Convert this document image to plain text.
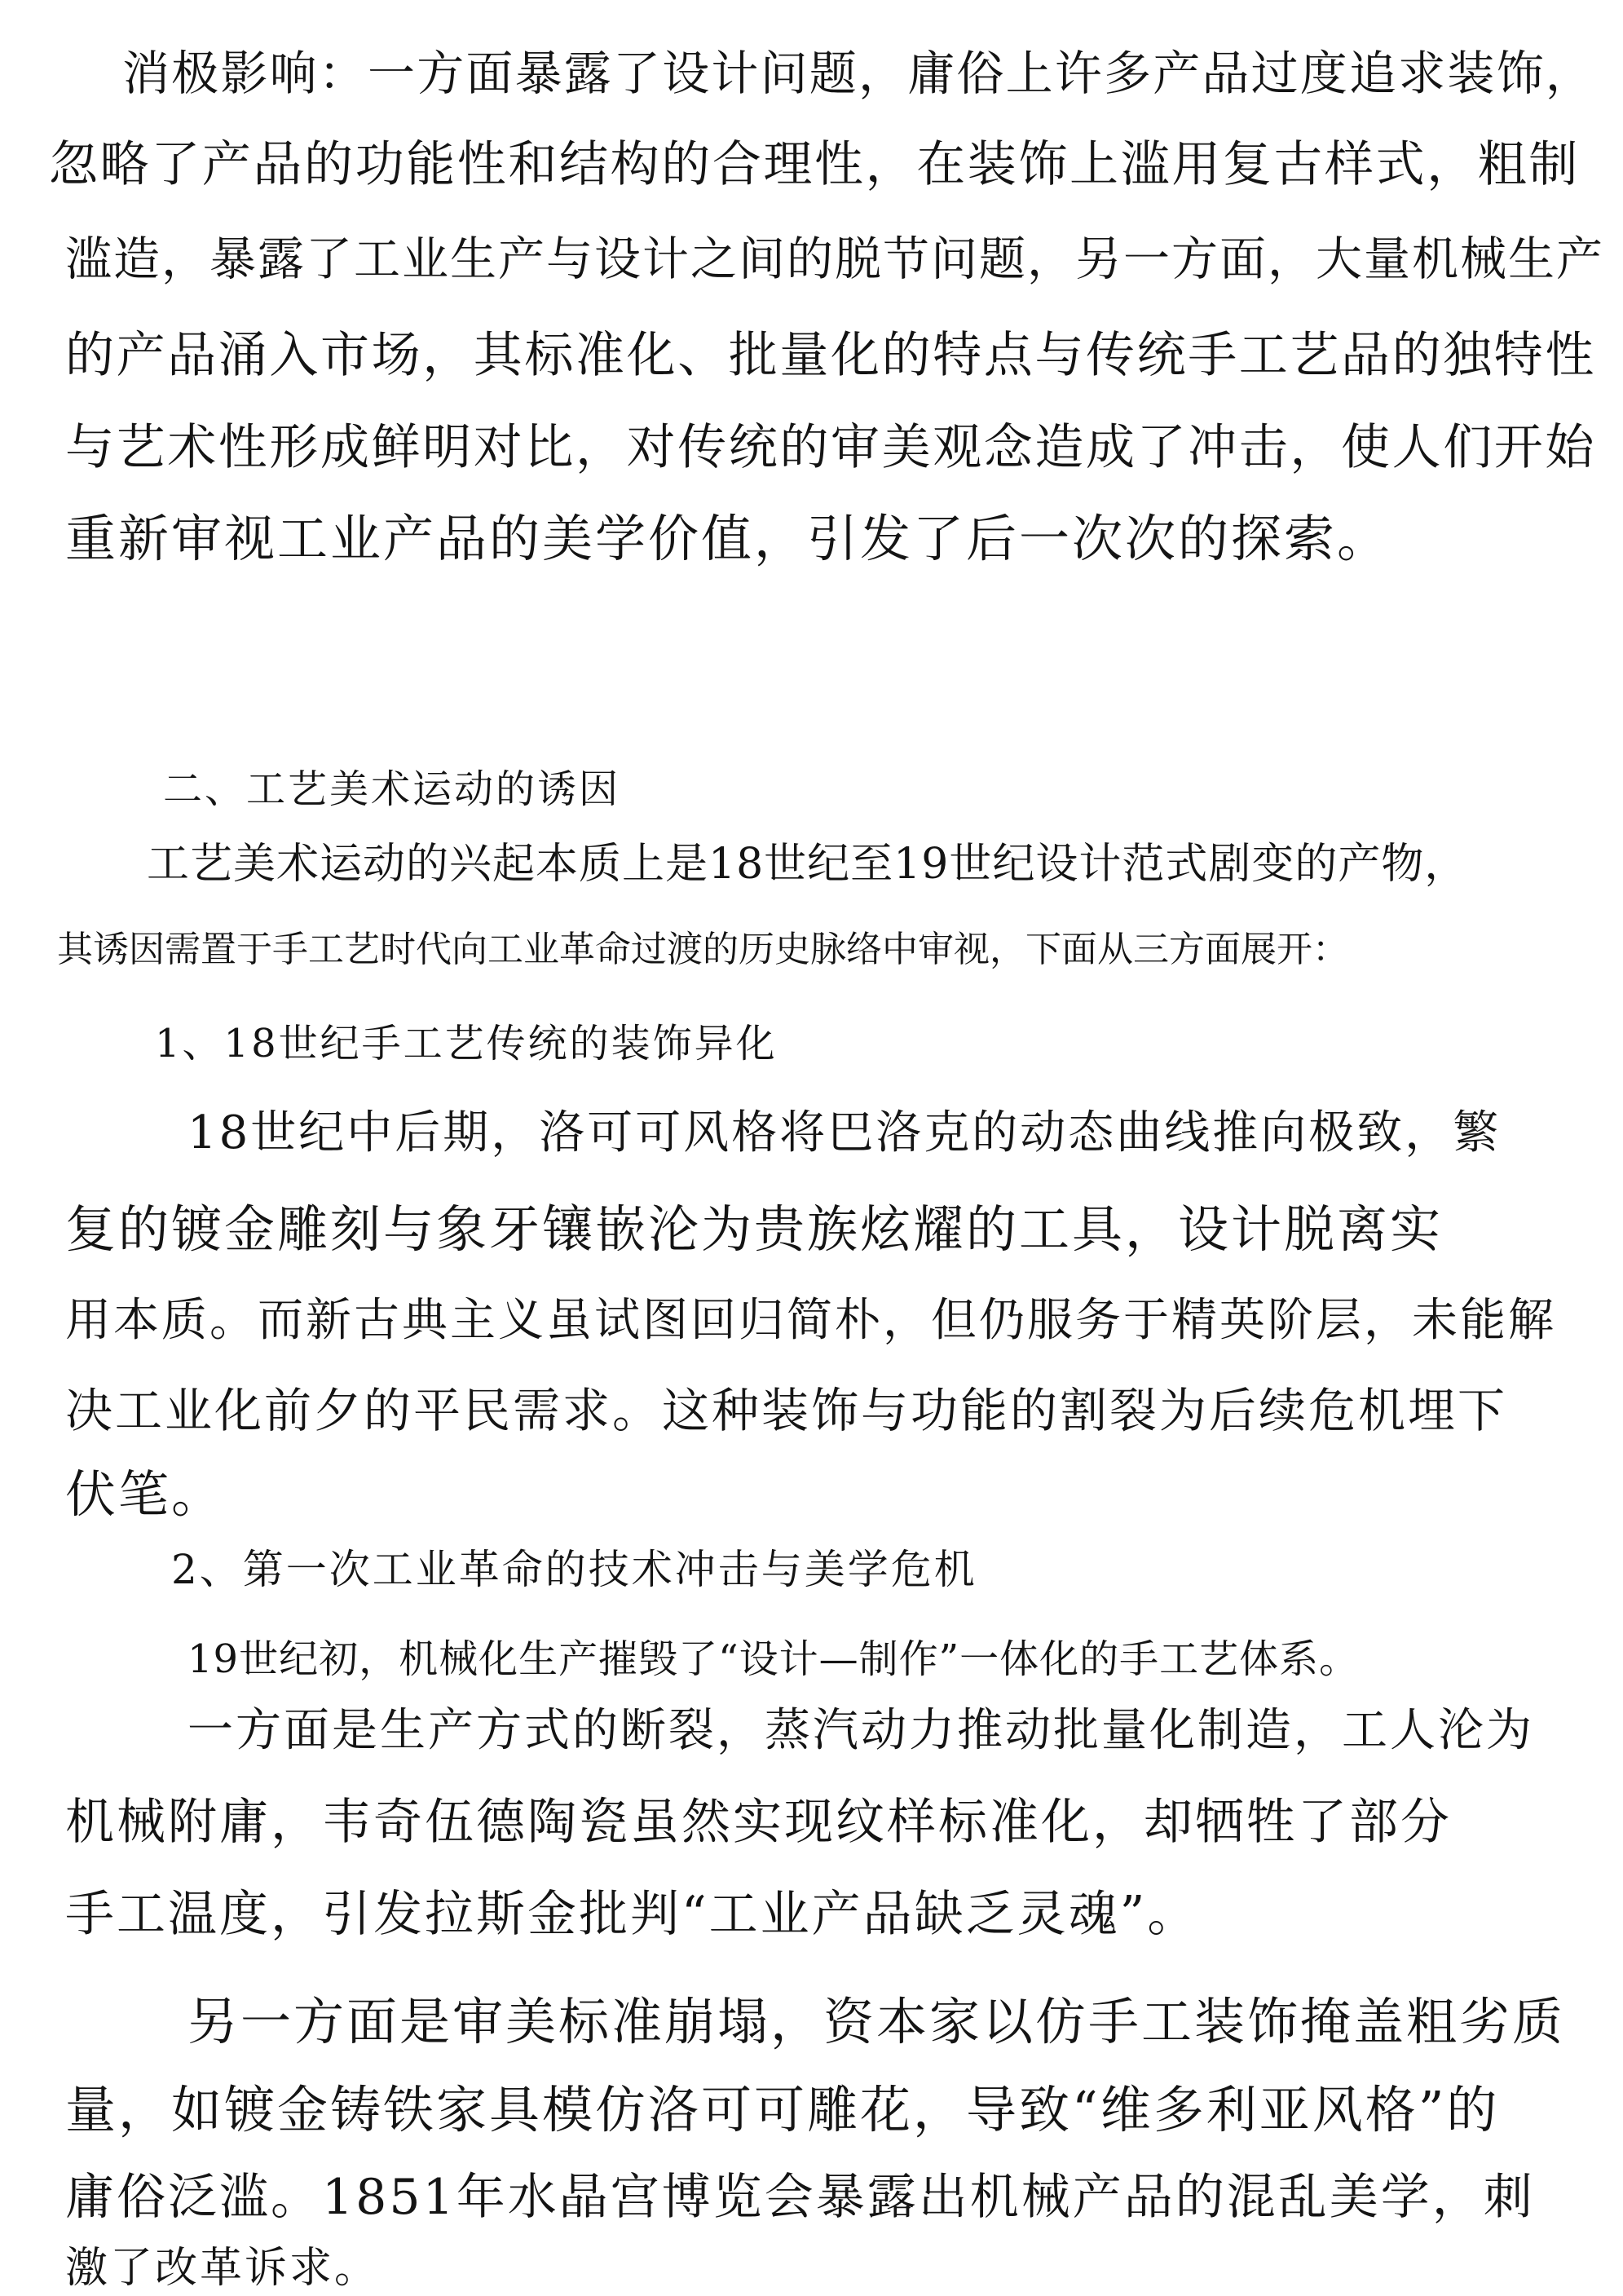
消极影响：一方面暴露了设计问题，庸俗上许多产品过度追求装饰，
忽略了产品的功能性和结构的合理性，在装饰上滥用复古样式，粗制
滥造，暴露了工业生产与设计之间的脱节问题，另一方面，大量机械生产
的产品涌入市场，其标准化、批量化的特点与传统手工艺品的独特性
与艺术性形成鲜明对比，对传统的审美观念造成了冲击，使人们开始
重新审视工业产品的美学价值，引发了后一次次的探索。
二、工艺美术运动的诱因
工艺美术运动的兴起本质上是18世纪至19世纪设计范式剧变的产物，
其诱因需置于手工艺时代向工业革命过渡的历史脉络中审视，下面从三方面展开：
1、18世纪手工艺传统的装饰异化
18世纪中后期，洛可可风格将巴洛克的动态曲线推向极致，繁
复的镀金雕刻与象牙镶嵌沦为贵族炫耀的工具，设计脱离实
用本质。而新古典主义虽试图回归简朴，但仍服务于精英阶层，未能解
决工业化前夕的平民需求。这种装饰与功能的割裂为后续危机埋下
伏笔。
2、第一次工业革命的技术冲击与美学危机
19世纪初，机械化生产摧毁了“设计—制作”一体化的手工艺体系。
一方面是生产方式的断裂，蒸汽动力推动批量化制造，工人沦为
机械附庸，韦奇伍德陶瓷虽然实现纹样标准化，却牺牲了部分
手工温度，引发拉斯金批判“工业产品缺乏灵魂”。
另一方面是审美标准崩塌，资本家以仿手工装饰掩盖粗劣质
量，如镀金铸铁家具模仿洛可可雕花，导致“维多利亚风格”的
庸俗泛滥。1851年水晶宫博览会暴露出机械产品的混乱美学，刺
激了改革诉求。
